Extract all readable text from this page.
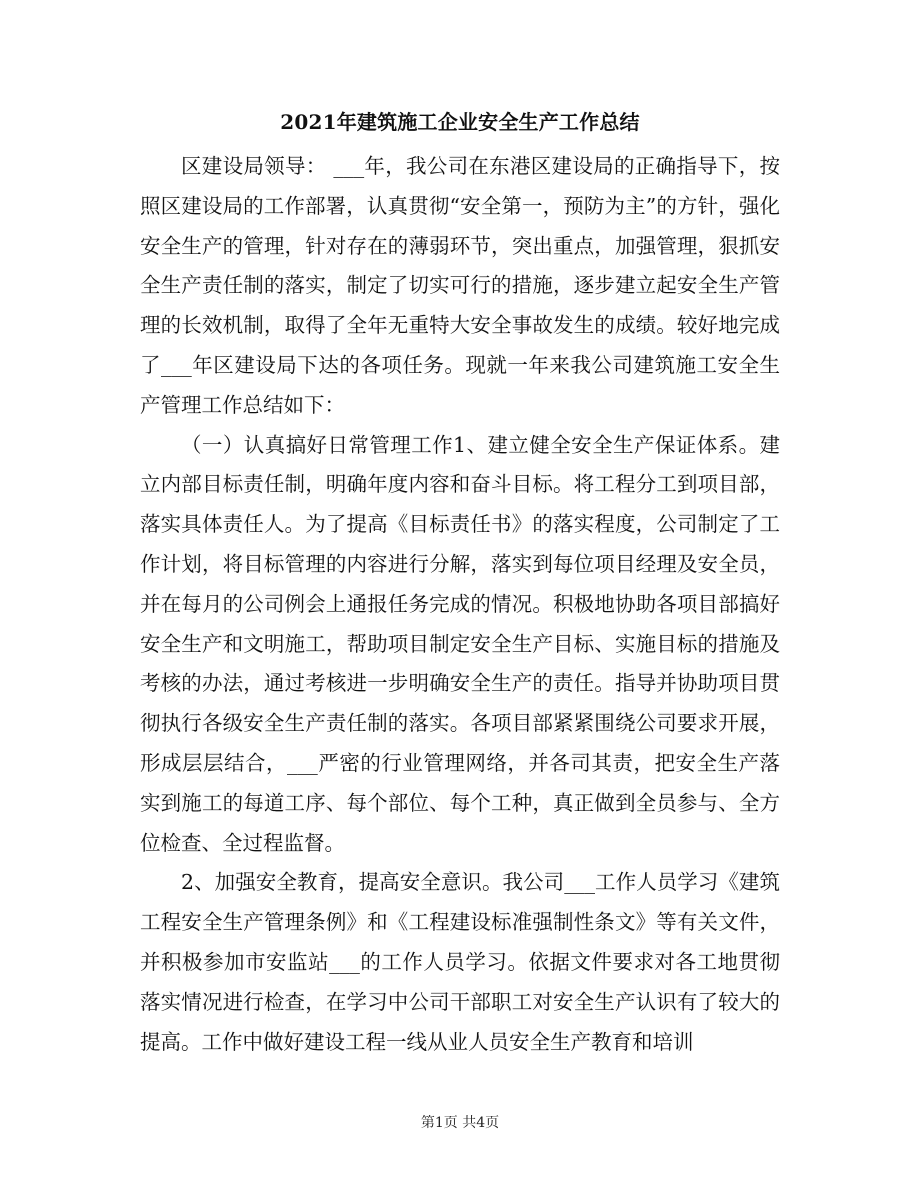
2021年建筑施工企业安全生产工作总结

区建设局领导： ___年，我公司在东港区建设局的正确指导下，按照区建设局的工作部署，认真贯彻“安全第一，预防为主”的方针，强化安全生产的管理，针对存在的薄弱环节，突出重点，加强管理，狠抓安全生产责任制的落实，制定了切实可行的措施，逐步建立起安全生产管理的长效机制，取得了全年无重特大安全事故发生的成绩。较好地完成了___年区建设局下达的各项任务。现就一年来我公司建筑施工安全生产管理工作总结如下：

（一）认真搞好日常管理工作1、建立健全安全生产保证体系。建立内部目标责任制，明确年度内容和奋斗目标。将工程分工到项目部，落实具体责任人。为了提高《目标责任书》的落实程度，公司制定了工作计划，将目标管理的内容进行分解，落实到每位项目经理及安全员，并在每月的公司例会上通报任务完成的情况。积极地协助各项目部搞好安全生产和文明施工，帮助项目制定安全生产目标、实施目标的措施及考核的办法，通过考核进一步明确安全生产的责任。指导并协助项目贯彻执行各级安全生产责任制的落实。各项目部紧紧围绕公司要求开展，形成层层结合，___严密的行业管理网络，并各司其责，把安全生产落实到施工的每道工序、每个部位、每个工种，真正做到全员参与、全方位检查、全过程监督。

2、加强安全教育，提高安全意识。我公司___工作人员学习《建筑工程安全生产管理条例》和《工程建设标准强制性条文》等有关文件，并积极参加市安监站___的工作人员学习。依据文件要求对各工地贯彻落实情况进行检查，在学习中公司干部职工对安全生产认识有了较大的提高。工作中做好建设工程一线从业人员安全生产教育和培训

第1页 共4页
